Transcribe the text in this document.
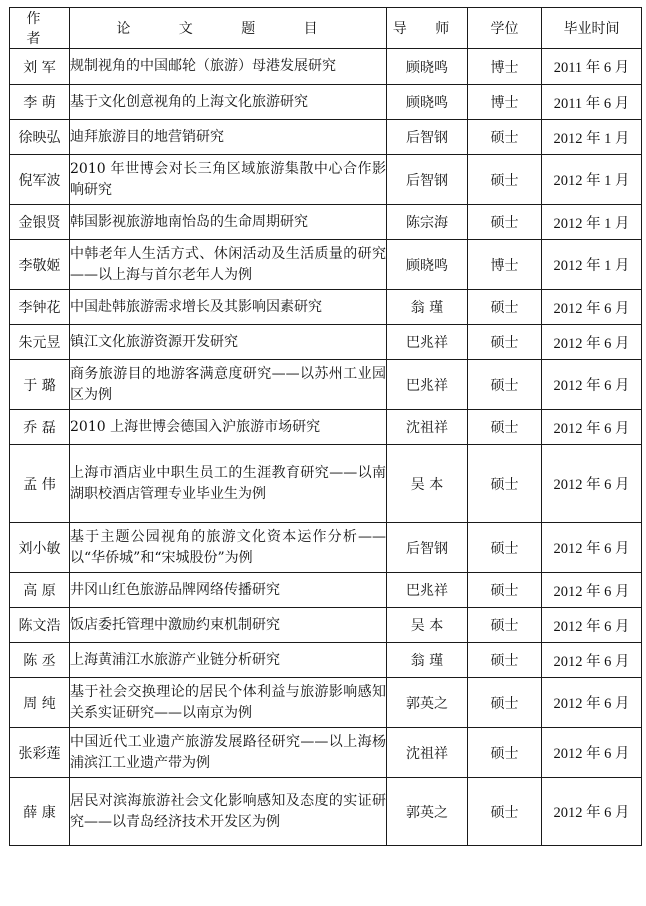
作 者	论 文 题 目	导 师	学位	毕业时间
刘 军	规制视角的中国邮轮（旅游）母港发展研究	顾晓鸣	博士	2011 年 6 月
李 萌	基于文化创意视角的上海文化旅游研究	顾晓鸣	博士	2011 年 6 月
徐映弘	迪拜旅游目的地营销研究	后智钢	硕士	2012 年 1 月
倪军波	2010 年世博会对长三角区域旅游集散中心合作影响研究	后智钢	硕士	2012 年 1 月
金银贤	韩国影视旅游地南怡岛的生命周期研究	陈宗海	硕士	2012 年 1 月
李敬姬	中韩老年人生活方式、休闲活动及生活质量的研究——以上海与首尔老年人为例	顾晓鸣	博士	2012 年 1 月
李钟花	中国赴韩旅游需求增长及其影响因素研究	翁 瑾	硕士	2012 年 6 月
朱元昱	镇江文化旅游资源开发研究	巴兆祥	硕士	2012 年 6 月
于 璐	商务旅游目的地游客满意度研究——以苏州工业园区为例	巴兆祥	硕士	2012 年 6 月
乔 磊	2010 上海世博会德国入沪旅游市场研究	沈祖祥	硕士	2012 年 6 月
孟 伟	上海市酒店业中职生员工的生涯教育研究——以南湖职校酒店管理专业毕业生为例	吴 本	硕士	2012 年 6 月
刘小敏	基于主题公园视角的旅游文化资本运作分析——以“华侨城”和“宋城股份”为例	后智钢	硕士	2012 年 6 月
高 原	井冈山红色旅游品牌网络传播研究	巴兆祥	硕士	2012 年 6 月
陈文浩	饭店委托管理中激励约束机制研究	吴 本	硕士	2012 年 6 月
陈 丞	上海黄浦江水旅游产业链分析研究	翁 瑾	硕士	2012 年 6 月
周 纯	基于社会交换理论的居民个体利益与旅游影响感知关系实证研究——以南京为例	郭英之	硕士	2012 年 6 月
张彩莲	中国近代工业遗产旅游发展路径研究——以上海杨浦滨江工业遗产带为例	沈祖祥	硕士	2012 年 6 月
薛 康	居民对滨海旅游社会文化影响感知及态度的实证研究——以青岛经济技术开发区为例	郭英之	硕士	2012 年 6 月
